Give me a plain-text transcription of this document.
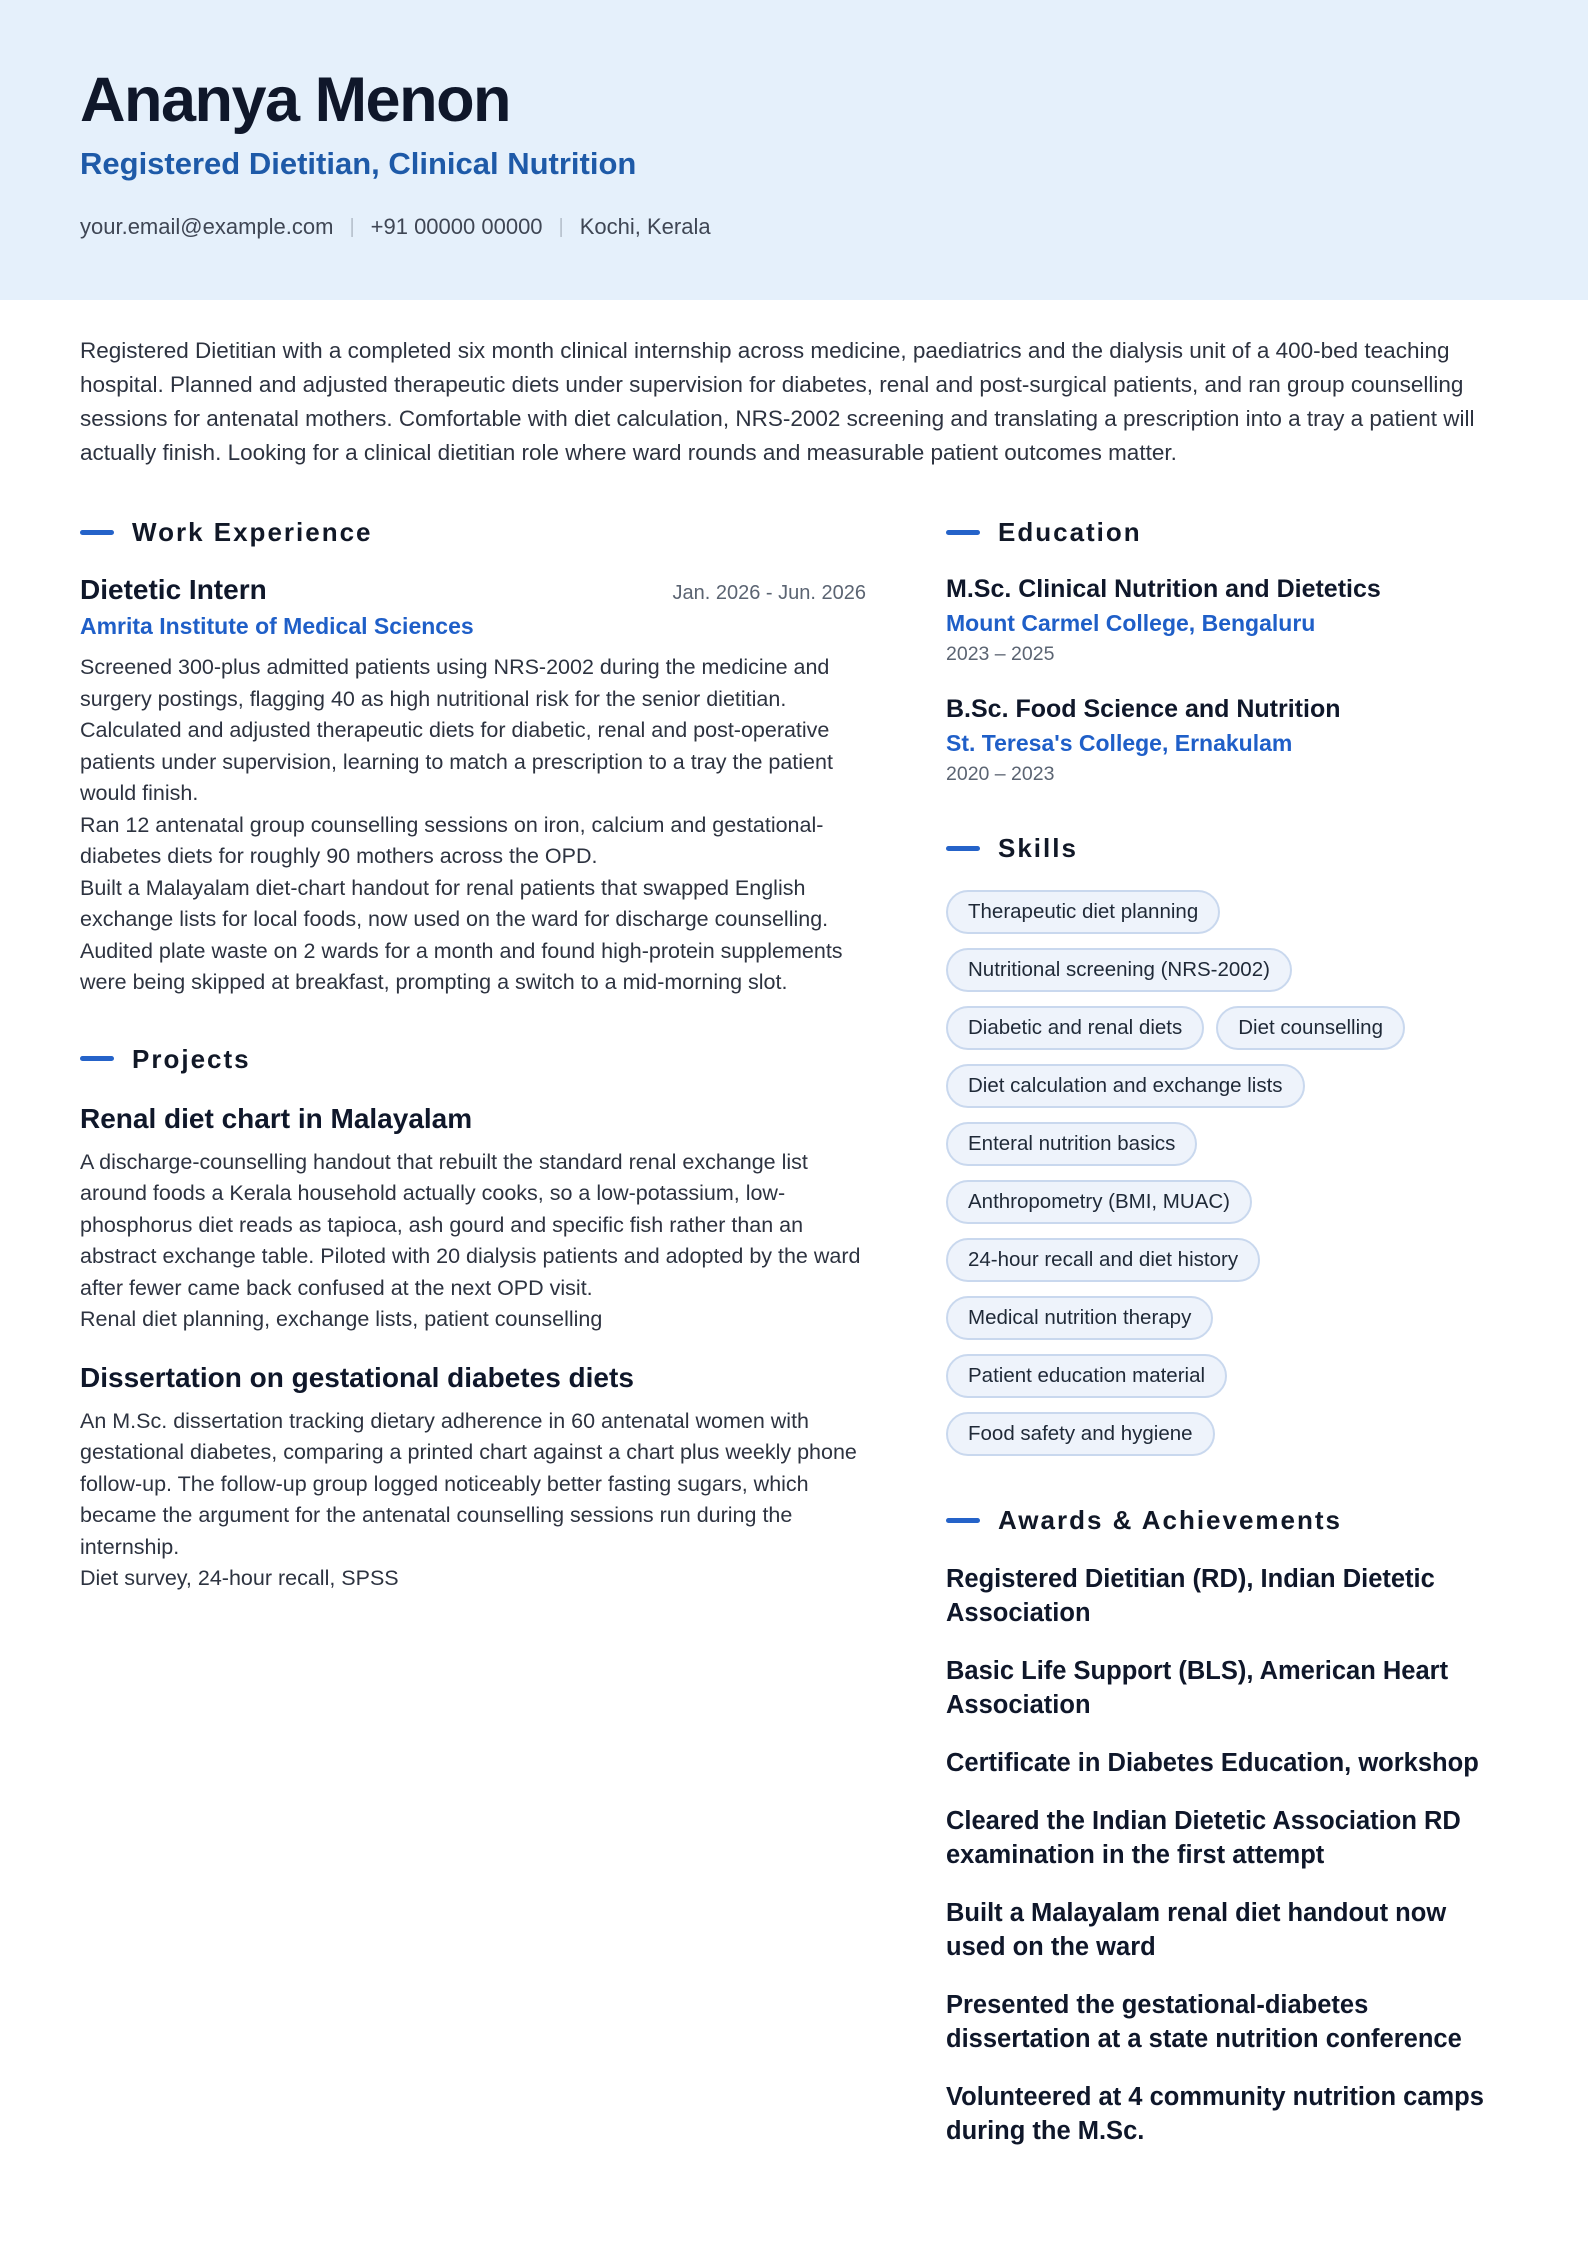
Ananya Menon
Registered Dietitian, Clinical Nutrition
your.email@example.com | +91 00000 00000 | Kochi, Kerala
Registered Dietitian with a completed six month clinical internship across medicine, paediatrics and the dialysis unit of a 400-bed teaching hospital. Planned and adjusted therapeutic diets under supervision for diabetes, renal and post-surgical patients, and ran group counselling sessions for antenatal mothers. Comfortable with diet calculation, NRS-2002 screening and translating a prescription into a tray a patient will actually finish. Looking for a clinical dietitian role where ward rounds and measurable patient outcomes matter.
Work Experience
Dietetic Intern	Jan. 2026 - Jun. 2026
Amrita Institute of Medical Sciences
Screened 300-plus admitted patients using NRS-2002 during the medicine and surgery postings, flagging 40 as high nutritional risk for the senior dietitian.
Calculated and adjusted therapeutic diets for diabetic, renal and post-operative patients under supervision, learning to match a prescription to a tray the patient would finish.
Ran 12 antenatal group counselling sessions on iron, calcium and gestational-diabetes diets for roughly 90 mothers across the OPD.
Built a Malayalam diet-chart handout for renal patients that swapped English exchange lists for local foods, now used on the ward for discharge counselling.
Audited plate waste on 2 wards for a month and found high-protein supplements were being skipped at breakfast, prompting a switch to a mid-morning slot.
Projects
Renal diet chart in Malayalam
A discharge-counselling handout that rebuilt the standard renal exchange list around foods a Kerala household actually cooks, so a low-potassium, low-phosphorus diet reads as tapioca, ash gourd and specific fish rather than an abstract exchange table. Piloted with 20 dialysis patients and adopted by the ward after fewer came back confused at the next OPD visit.
Renal diet planning, exchange lists, patient counselling
Dissertation on gestational diabetes diets
An M.Sc. dissertation tracking dietary adherence in 60 antenatal women with gestational diabetes, comparing a printed chart against a chart plus weekly phone follow-up. The follow-up group logged noticeably better fasting sugars, which became the argument for the antenatal counselling sessions run during the internship.
Diet survey, 24-hour recall, SPSS
Education
M.Sc. Clinical Nutrition and Dietetics
Mount Carmel College, Bengaluru
2023 – 2025
B.Sc. Food Science and Nutrition
St. Teresa's College, Ernakulam
2020 – 2023
Skills
Therapeutic diet planning
Nutritional screening (NRS-2002)
Diabetic and renal diets	Diet counselling
Diet calculation and exchange lists
Enteral nutrition basics
Anthropometry (BMI, MUAC)
24-hour recall and diet history
Medical nutrition therapy
Patient education material
Food safety and hygiene
Awards & Achievements
Registered Dietitian (RD), Indian Dietetic Association
Basic Life Support (BLS), American Heart Association
Certificate in Diabetes Education, workshop
Cleared the Indian Dietetic Association RD examination in the first attempt
Built a Malayalam renal diet handout now used on the ward
Presented the gestational-diabetes dissertation at a state nutrition conference
Volunteered at 4 community nutrition camps during the M.Sc.
